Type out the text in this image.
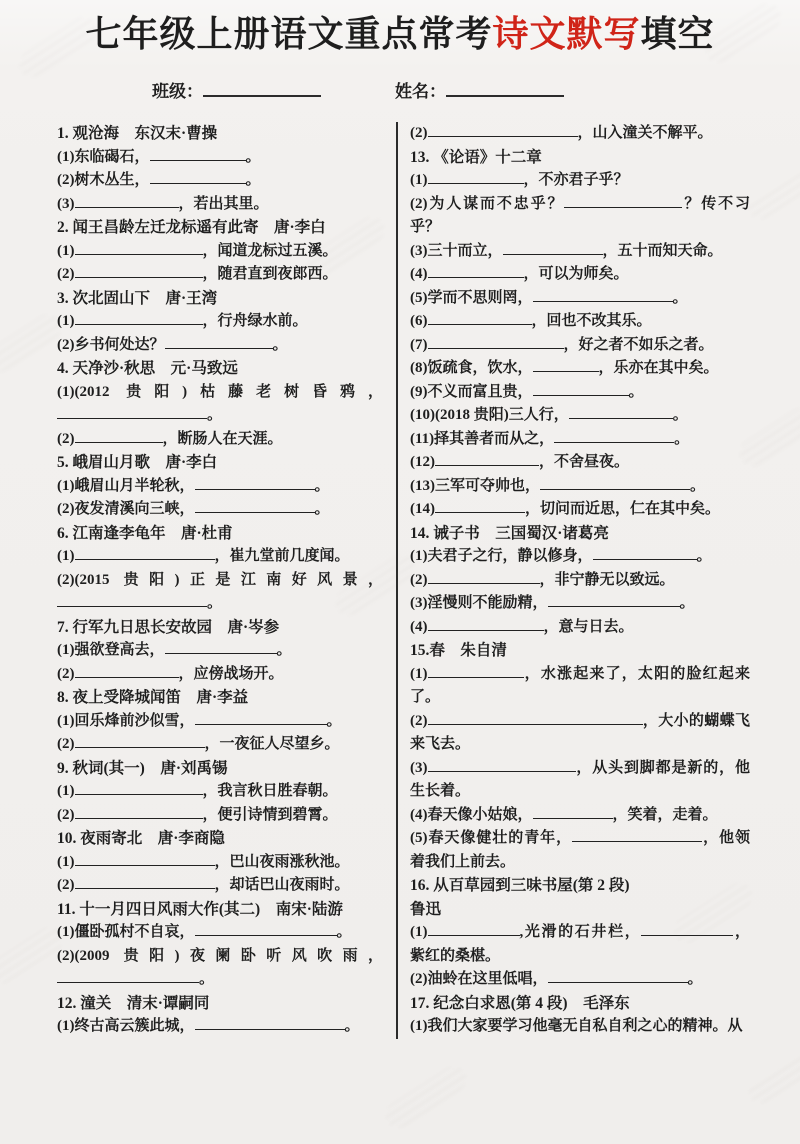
七年级上册语文重点常考诗文默写填空
班级：	姓名：
1. 观沧海　东汉末·曹操
(1)东临碣石，	。
(2)树木丛生，	。
(3)	，若出其里。
2. 闻王昌龄左迁龙标遥有此寄　唐·李白
(1)	，闻道龙标过五溪。
(2)	，随君直到夜郎西。
3. 次北固山下　唐·王湾
(1)	，行舟绿水前。
(2)乡书何处达？	。
4. 天净沙·秋思　元·马致远
(1)(2012 贵阳)枯藤老树昏鸦，。
(2)	，断肠人在天涯。
5. 峨眉山月歌　唐·李白
(1)峨眉山月半轮秋，	。
(2)夜发清溪向三峡，	。
6. 江南逢李龟年　唐·杜甫
(1)	，崔九堂前几度闻。
(2)(2015 贵阳)正是江南好风景，。
7. 行军九日思长安故园　唐·岑参
(1)强欲登高去，	。
(2)	，应傍战场开。
8. 夜上受降城闻笛　唐·李益
(1)回乐烽前沙似雪，	。
(2)	，一夜征人尽望乡。
9. 秋词(其一)　唐·刘禹锡
(1)	，我言秋日胜春朝。
(2)	，便引诗情到碧霄。
10. 夜雨寄北　唐·李商隐
(1)	，巴山夜雨涨秋池。
(2)	，却话巴山夜雨时。
11. 十一月四日风雨大作(其二)　南宋·陆游
(1)僵卧孤村不自哀，	。
(2)(2009 贵阳)夜阑卧听风吹雨，。
12. 潼关　清末·谭嗣同
(1)终古高云簇此城，	。
(2)	，山入潼关不解平。
13. 《论语》十二章
(1)	，不亦君子乎？
(2)为人谋而不忠乎？	？传不习乎？
(3)三十而立，	，五十而知天命。
(4)	，可以为师矣。
(5)学而不思则罔，	。
(6)	，回也不改其乐。
(7)	，好之者不如乐之者。
(8)饭疏食，饮水，	，乐亦在其中矣。
(9)不义而富且贵，	。
(10)(2018 贵阳)三人行，	。
(11)择其善者而从之，	。
(12)	，不舍昼夜。
(13)三军可夺帅也，	。
(14)	，切问而近思，仁在其中矣。
14. 诫子书　三国蜀汉·诸葛亮
(1)夫君子之行，静以修身，	。
(2)	，非宁静无以致远。
(3)淫慢则不能励精，	。
(4)	，意与日去。
15.春　朱自清
(1)	，水涨起来了，太阳的脸红起来了。
(2)	，大小的蝴蝶飞来飞去。
(3)	，从头到脚都是新的，他生长着。
(4)春天像小姑娘，	，笑着，走着。
(5)春天像健壮的青年，	，他领着我们上前去。
16. 从百草园到三味书屋(第 2 段)
鲁迅
(1)	,光滑的石井栏，	，紫红的桑椹。
(2)油蛉在这里低唱，	。
17. 纪念白求恩(第 4 段)　毛泽东
(1)我们大家要学习他毫无自私自利之心的精神。从
